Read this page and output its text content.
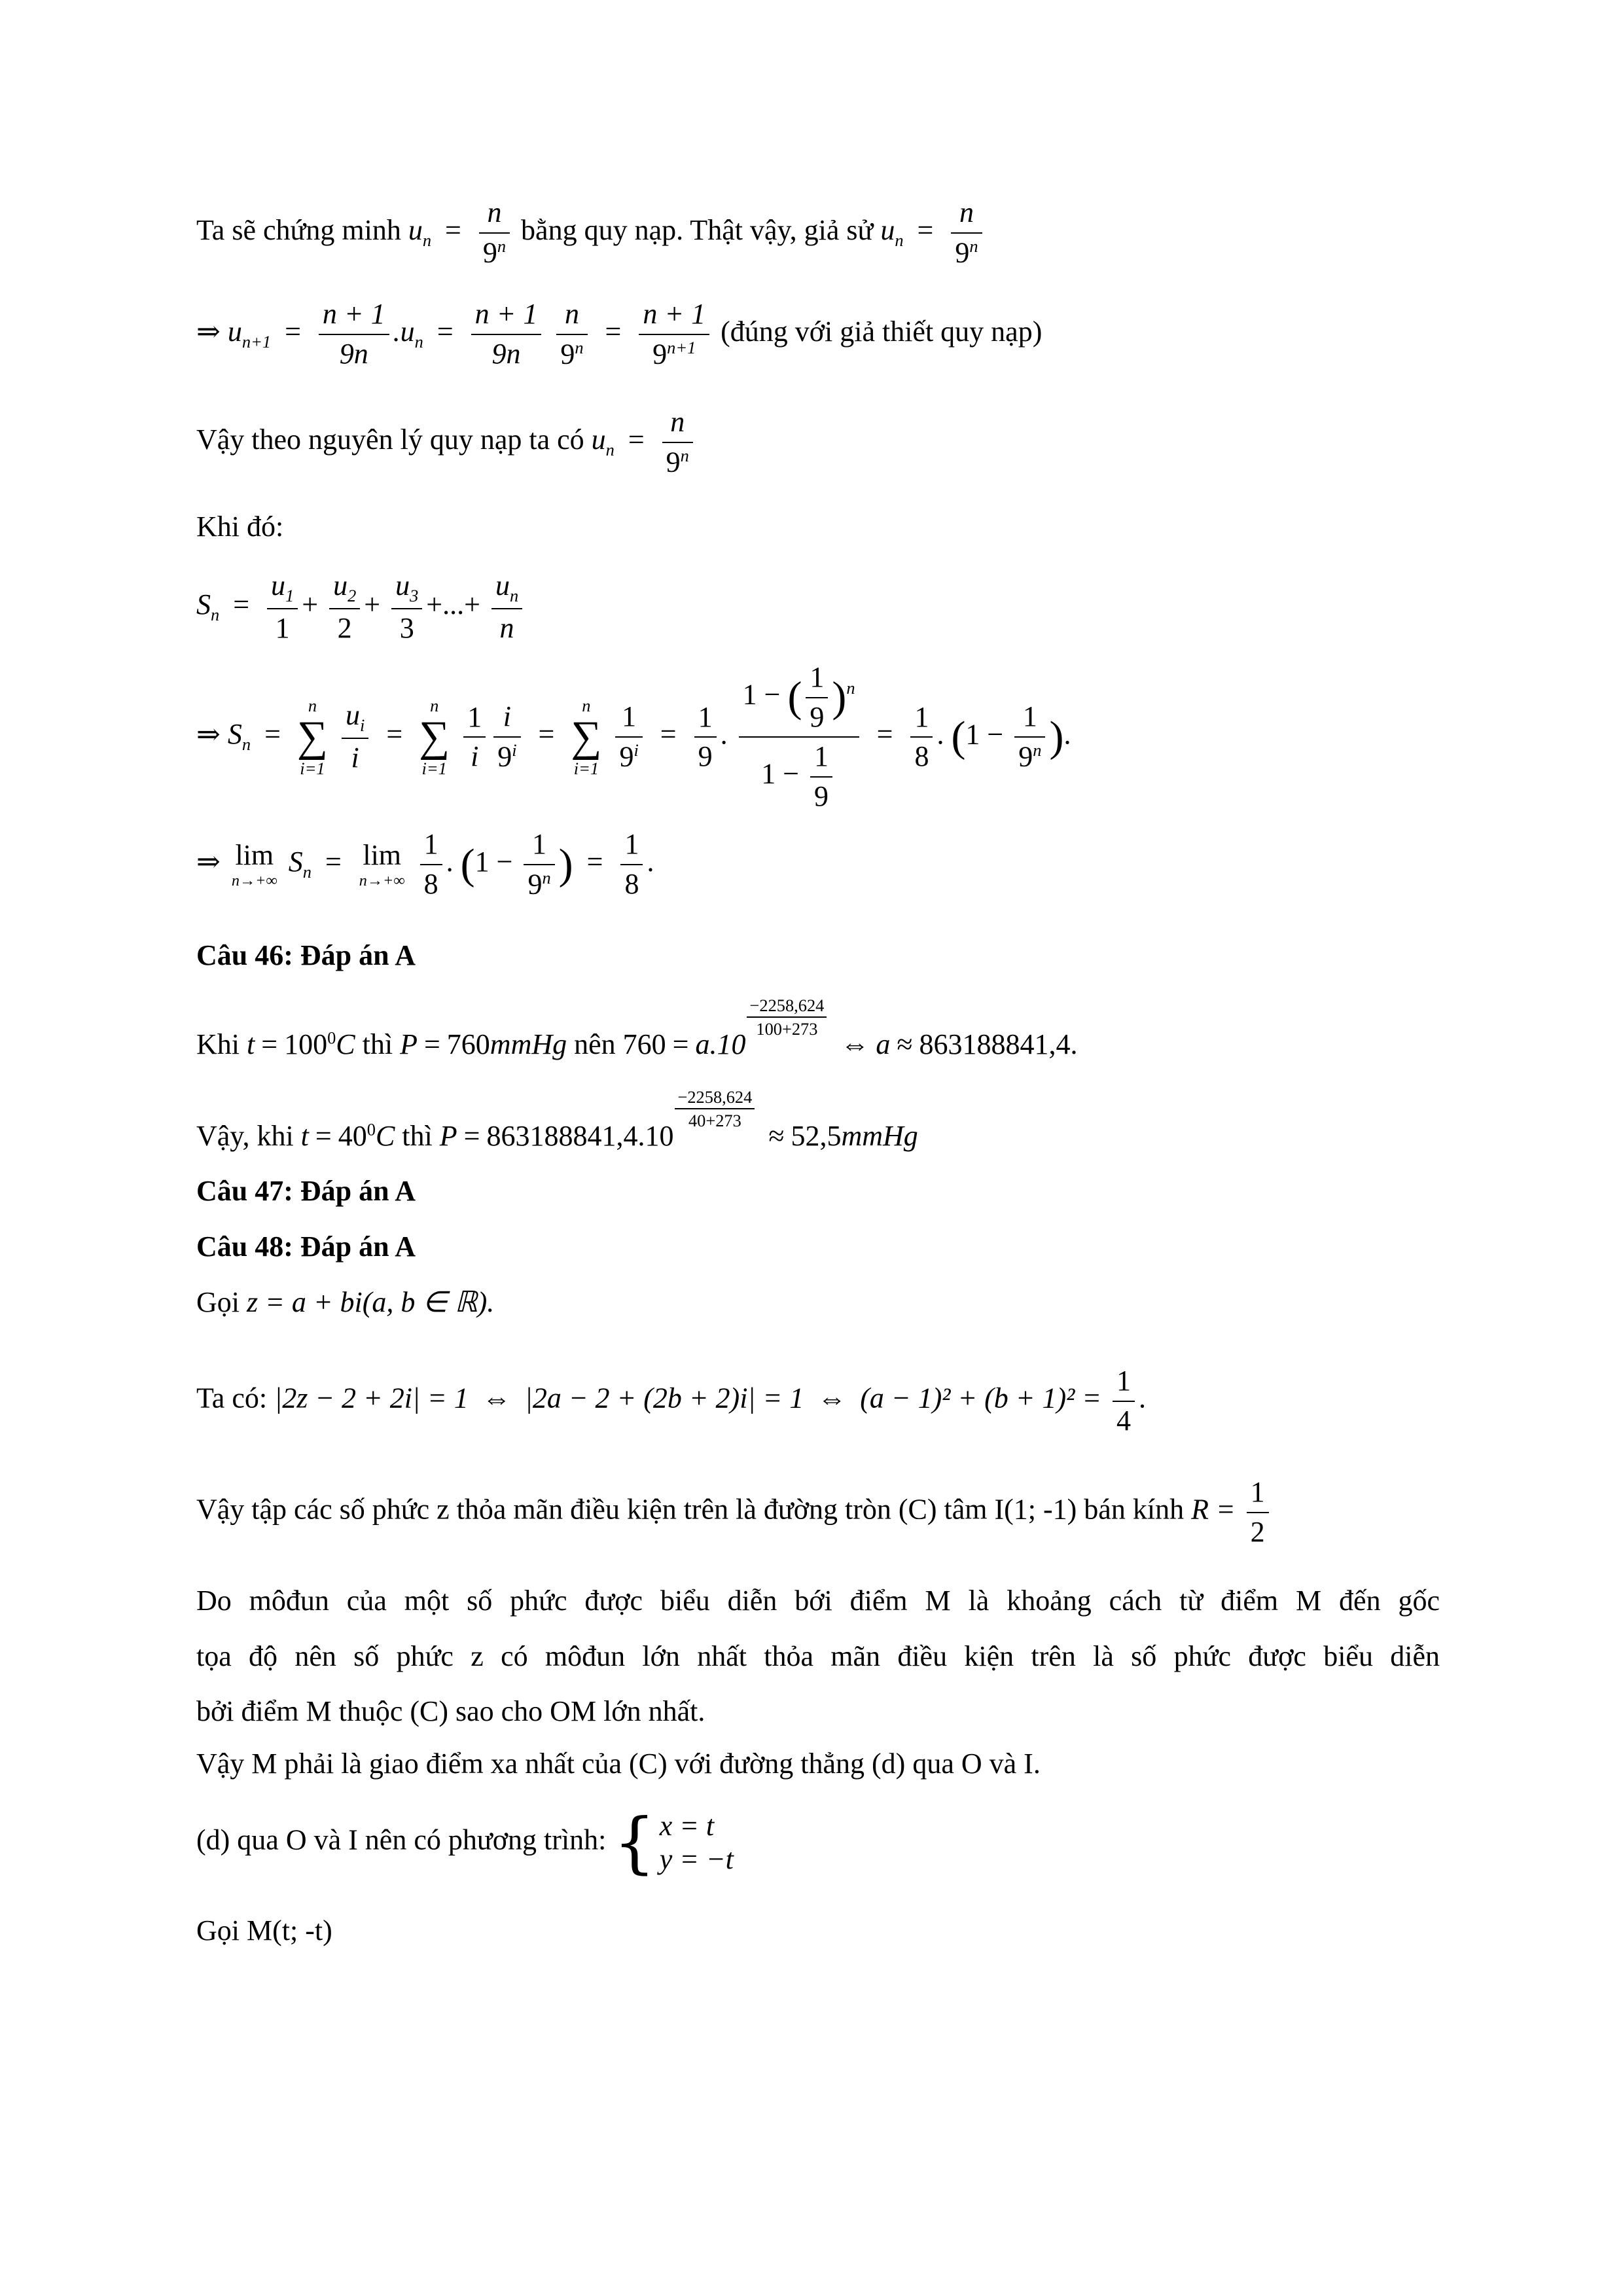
Ta sẽ chứng minh $u_n = \frac{n}{9^n}$ bằng quy nạp. Thật vậy, giả sử $u_n = \frac{n}{9^n}$
⇒ $u_{n+1} = \frac{n + 1}{9n} .u_n = \frac{n + 1}{9n}$
$\frac{n}{9^n} = \frac{n + 1}{9^{n+1}}$ (đúng với giả thiết quy nạp)
Vậy theo nguyên lý quy nạp ta có $u_n = \frac{n}{9^n}$
Khi đó:
$S_n = \frac{u_1}{1} + \frac{u_2}{2} + \frac{u_3}{3}$ +...+ $\frac{u_n}{n}$
⇒ $S_n$ =
n
∑
i=1
$\frac{u_i}{i}$ =
n
∑
i=1
$\frac{1}{i} \frac{i}{9^i}$ =
n
∑
i=1
$\frac{1}{9^i} = \frac{1}{9}$ . $\frac{1 - ( \frac{1}{9} )^n}{1 - \frac{1}{9}} = \frac{1}{8}$ . ($1 - \frac{1}{9^n}$ ).
⇒ lim
n→+∞
$S_n = \lim$
n→+∞
$\frac{1}{8}$ . ($1 - \frac{1}{9^n}$ ) = $\frac{1}{8}$ .
Câu 46: Đáp án A
Khi $t = 100^0C$ thì P = 760mmHg nên 760 = a.10
$\frac{-2258,624}{100+273}$
⇔ a ≈ 863188841,4.
Vậy, khi $t = 40^0C$ thì P = 863188841,4.10
$\frac{-2258,624}{40+273}$
≈ 52,5mmHg
Câu 47: Đáp án A
Câu 48: Đáp án A
Gọi z = a + bi(a, b ∈ ℝ).
Ta có: |2z − 2 + 2i| = 1 ⇔ |2a − 2 + (2b + 2)i| = 1 ⇔ $(a - 1)^2 + (b + 1)^2 = \frac{1}{4}$ .
Vậy tập các số phức z thỏa mãn điều kiện trên là đường tròn (C) tâm I(1; -1) bán kính $R = \frac{1}{2}$
Do môđun của một số phức được biểu diễn bới điểm M là khoảng cách từ điểm M đến gốc
tọa độ nên số phức z có môđun lớn nhất thỏa mãn điều kiện trên là số phức được biểu diễn
bởi điểm M thuộc (C) sao cho OM lớn nhất.
Vậy M phải là giao điểm xa nhất của (C) với đường thẳng (d) qua O và I.
(d) qua O và I nên có phương trình: { x = t
y = −t
Gọi M(t; -t)
